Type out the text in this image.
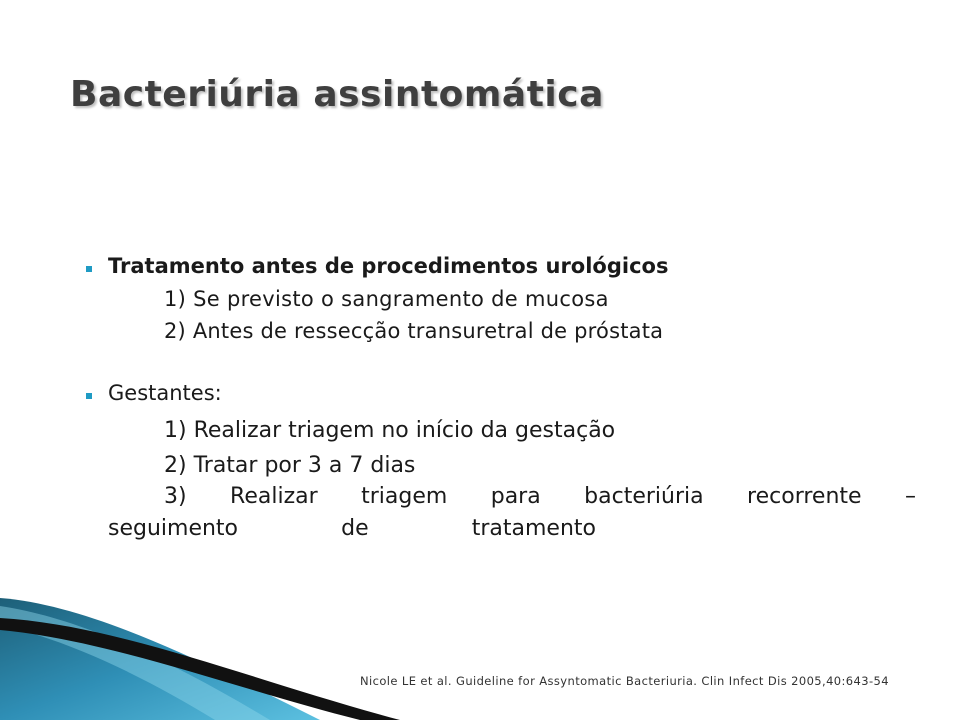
Bacteriúria assintomática
Tratamento antes de procedimentos urológicos
1) Se previsto o sangramento de mucosa
2) Antes de ressecção transuretral de próstata
Gestantes:
1) Realizar triagem no início da gestação
2) Tratar por 3 a 7 dias
3) Realizar triagem para bacteriúria recorrente –
seguimento	de	tratamento
Nicole LE et al. Guideline for Assyntomatic Bacteriuria. Clin Infect Dis 2005,40:643-54
